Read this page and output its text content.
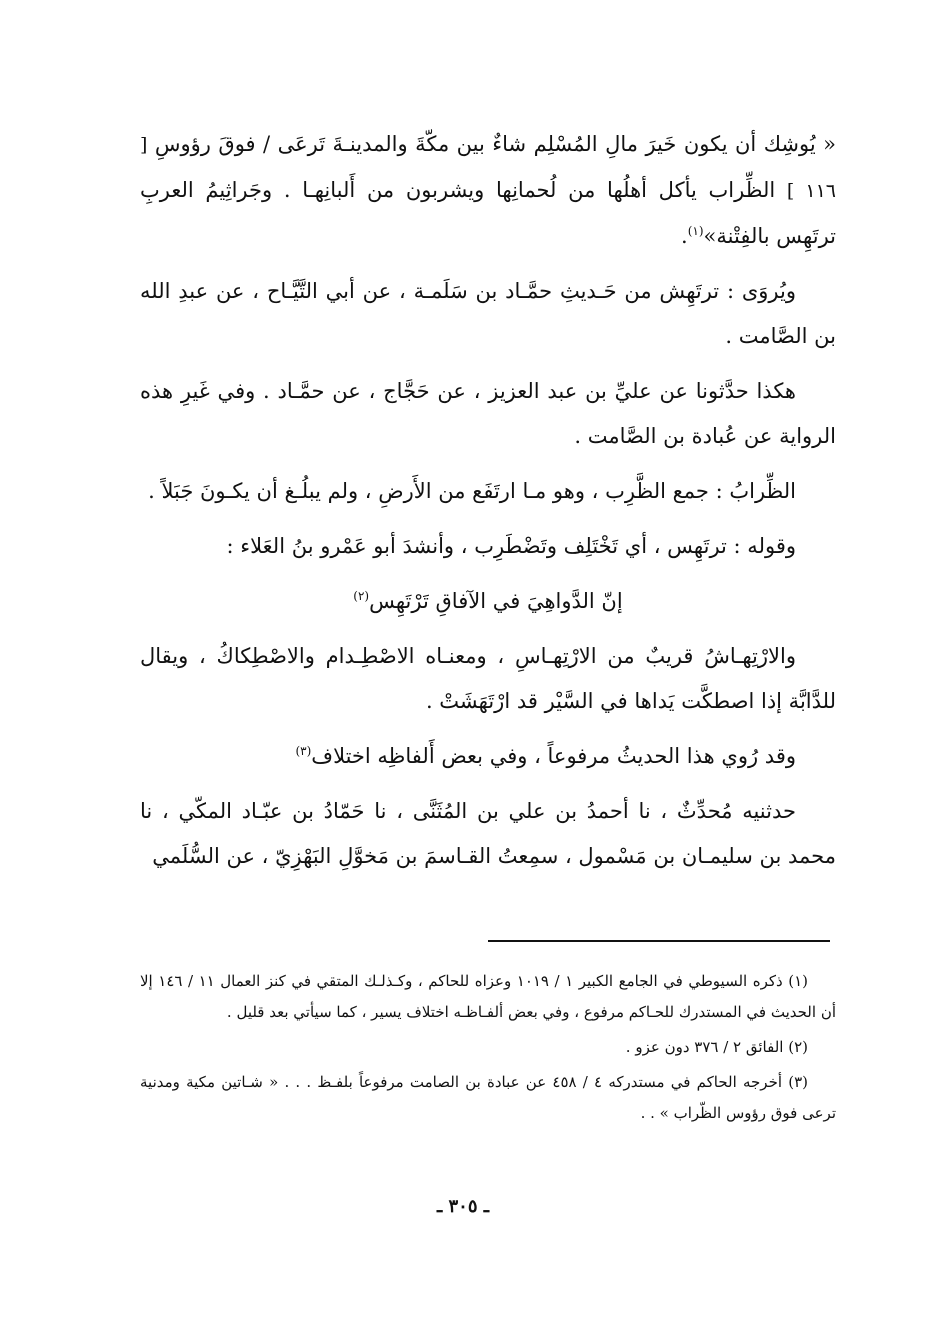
« يُوشِك أن يكون خَيرَ مالِ المُسْلِم شاءٌ بين مكّةَ والمدينـةَ تَرعَى / فوقَ رؤوسِ [ ١١٦ ] الظِّراب يأكل أهلُها من لُحمانِها ويشربون من أَلبانِهـا . وجَراثِيمُ العربِ ترتَهِس بالفِتْنة»$^{(١)}$.

ويُروَى : ترتَهِش من حَـديثِ حمَّـاد بن سَلَمـة ، عن أبي التَّيَّـاح ، عن عبدِ الله بن الصَّامت .

هكذا حدَّثونا عن عليِّ بن عبد العزيز ، عن حَجَّاج ، عن حمَّـاد . وفي غَيرِ هذه الرواية عن عُبادة بن الصَّامت .

الظِّرابُ : جمع الظَّرِب ، وهو مـا ارتَفَع من الأَرضِ ، ولم يبلُـغ أن يكـونَ جَبَلاً .

وقوله : ترتَهِس ، أي تَخْتَلِف وتَضْطَرِب ، وأنشدَ أبو عَمْرو بنُ العَلاء :

إنّ الدَّواهِيَ في الآفاقِ تَرْتَهِس$^{(٢)}$

والارْتِهـاشُ قريبٌ من الارْتِهـاسِ ، ومعنـاه الاصْطِـدام والاصْطِكاكُ ، ويقال للدَّابَّة إذا اصطكَّت يَداها في السَّيْر قد ارْتَهَشَتْ .

وقد رُوي هذا الحديثُ مرفوعاً ، وفي بعض أَلفاظِه اختلاف$^{(٣)}$

حدثنيه مُحدِّثٌ ، نا أحمدُ بن علي بن المُثَنَّى ، نا حَمّادُ بن عبّـاد المكّي ، نا محمد بن سليمـان بن مَسْمول ، سمِعتُ القـاسمَ بن مَخوَّلِ البَهْزِيّ ، عن السُّلَمي

(١) ذكره السيوطي في الجامع الكبير ١ / ١٠١٩ وعزاه للحاكم ، وكـذلـك المتقي في كنز العمال ١١ / ١٤٦ إلا أن الحديث في المستدرك للحـاكم مرفوع ، وفي بعض ألفـاظـه اختلاف يسير ، كما سيأتي بعد قليل .

(٢) الفائق ٢ / ٣٧٦ دون عزو .

(٣) أخرجه الحاكم في مستدركه ٤ / ٤٥٨ عن عبادة بن الصامت مرفوعاً بلفـظ . . . « شـاتين مكية ومدنية ترعى فوق رؤوس الظّراب » . .

ـ ٣٠٥ ـ
